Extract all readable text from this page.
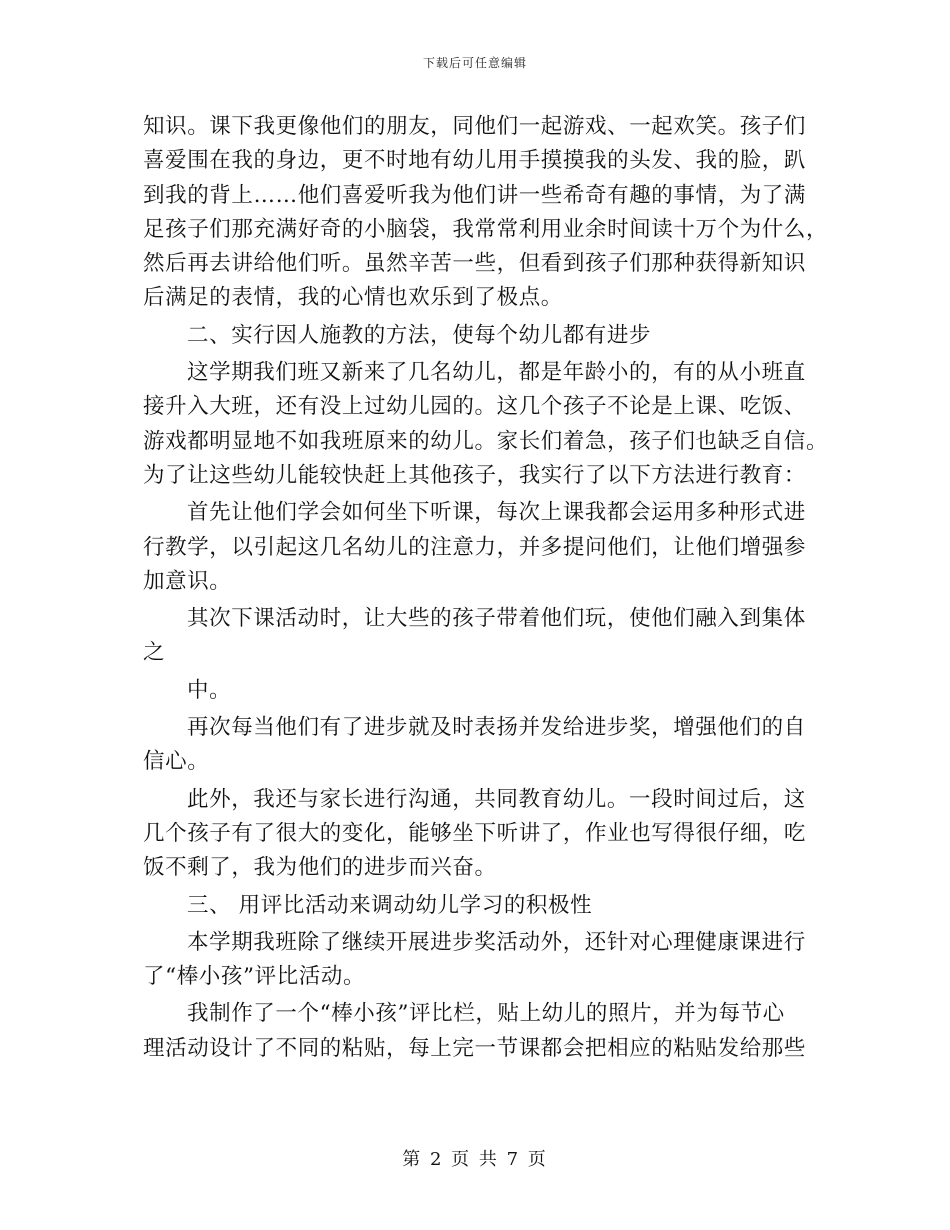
下载后可任意编辑
知识。课下我更像他们的朋友，同他们一起游戏、一起欢笑。孩子们
喜爱围在我的身边，更不时地有幼儿用手摸摸我的头发、我的脸，趴
到我的背上……他们喜爱听我为他们讲一些希奇有趣的事情，为了满
足孩子们那充满好奇的小脑袋，我常常利用业余时间读十万个为什么，
然后再去讲给他们听。虽然辛苦一些，但看到孩子们那种获得新知识
后满足的表情，我的心情也欢乐到了极点。
二、实行因人施教的方法，使每个幼儿都有进步
这学期我们班又新来了几名幼儿，都是年龄小的，有的从小班直
接升入大班，还有没上过幼儿园的。这几个孩子不论是上课、吃饭、
游戏都明显地不如我班原来的幼儿。家长们着急，孩子们也缺乏自信。
为了让这些幼儿能较快赶上其他孩子，我实行了以下方法进行教育：
首先让他们学会如何坐下听课，每次上课我都会运用多种形式进
行教学，以引起这几名幼儿的注意力，并多提问他们，让他们增强参
加意识。
其次下课活动时，让大些的孩子带着他们玩，使他们融入到集体
之
中。
再次每当他们有了进步就及时表扬并发给进步奖，增强他们的自
信心。
此外，我还与家长进行沟通，共同教育幼儿。一段时间过后，这
几个孩子有了很大的变化，能够坐下听讲了，作业也写得很仔细，吃
饭不剩了，我为他们的进步而兴奋。
三、 用评比活动来调动幼儿学习的积极性
本学期我班除了继续开展进步奖活动外，还针对心理健康课进行
了“棒小孩”评比活动。
我制作了一个“棒小孩”评比栏，贴上幼儿的照片，并为每节心
理活动设计了不同的粘贴，每上完一节课都会把相应的粘贴发给那些
第 2 页 共 7 页
